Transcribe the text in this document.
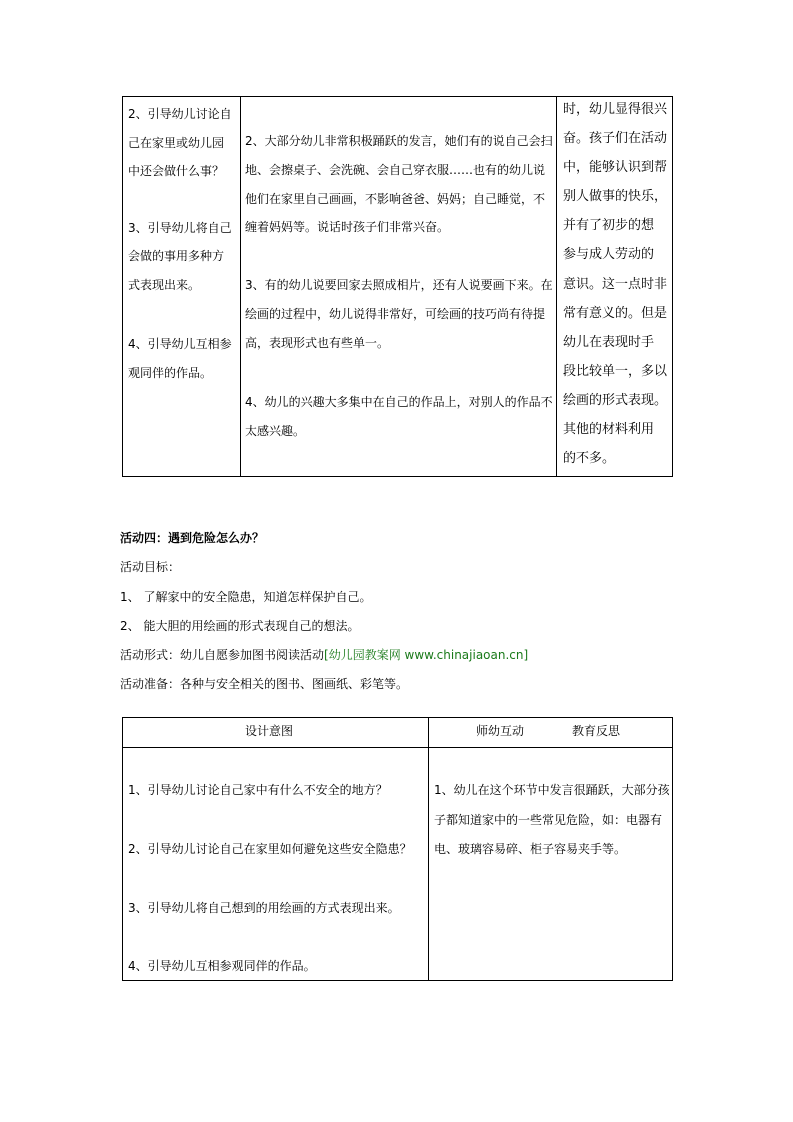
2、引导幼儿讨论自
己在家里或幼儿园
中还会做什么事？
3、引导幼儿将自己
会做的事用多种方
式表现出来。
4、引导幼儿互相参
观同伴的作品。
2、大部分幼儿非常积极踊跃的发言，她们有的说自己会扫
地、会擦桌子、会洗碗、会自己穿衣服……也有的幼儿说
他们在家里自己画画，不影响爸爸、妈妈；自己睡觉，不
缠着妈妈等。说话时孩子们非常兴奋。
3、有的幼儿说要回家去照成相片，还有人说要画下来。在
绘画的过程中，幼儿说得非常好，可绘画的技巧尚有待提
高，表现形式也有些单一。
4、幼儿的兴趣大多集中在自己的作品上，对别人的作品不
太感兴趣。
时，幼儿显得很兴
奋。孩子们在活动
中，能够认识到帮
别人做事的快乐，
并有了初步的想
参与成人劳动的
意识。这一点时非
常有意义的。但是
幼儿在表现时手
段比较单一，多以
绘画的形式表现。
其他的材料利用
的不多。
活动四：遇到危险怎么办？
活动目标：
1、 了解家中的安全隐患，知道怎样保护自己。
2、 能大胆的用绘画的形式表现自己的想法。
活动形式：幼儿自愿参加图书阅读活动[幼儿园教案网 www.chinajiaoan.cn]
活动准备：各种与安全相关的图书、图画纸、彩笔等。
设计意图	师幼互动	教育反思
1、引导幼儿讨论自己家中有什么不安全的地方？
2、引导幼儿讨论自己在家里如何避免这些安全隐患？
3、引导幼儿将自己想到的用绘画的方式表现出来。
4、引导幼儿互相参观同伴的作品。
1、幼儿在这个环节中发言很踊跃，大部分孩
子都知道家中的一些常见危险，如：电器有
电、玻璃容易碎、柜子容易夹手等。
